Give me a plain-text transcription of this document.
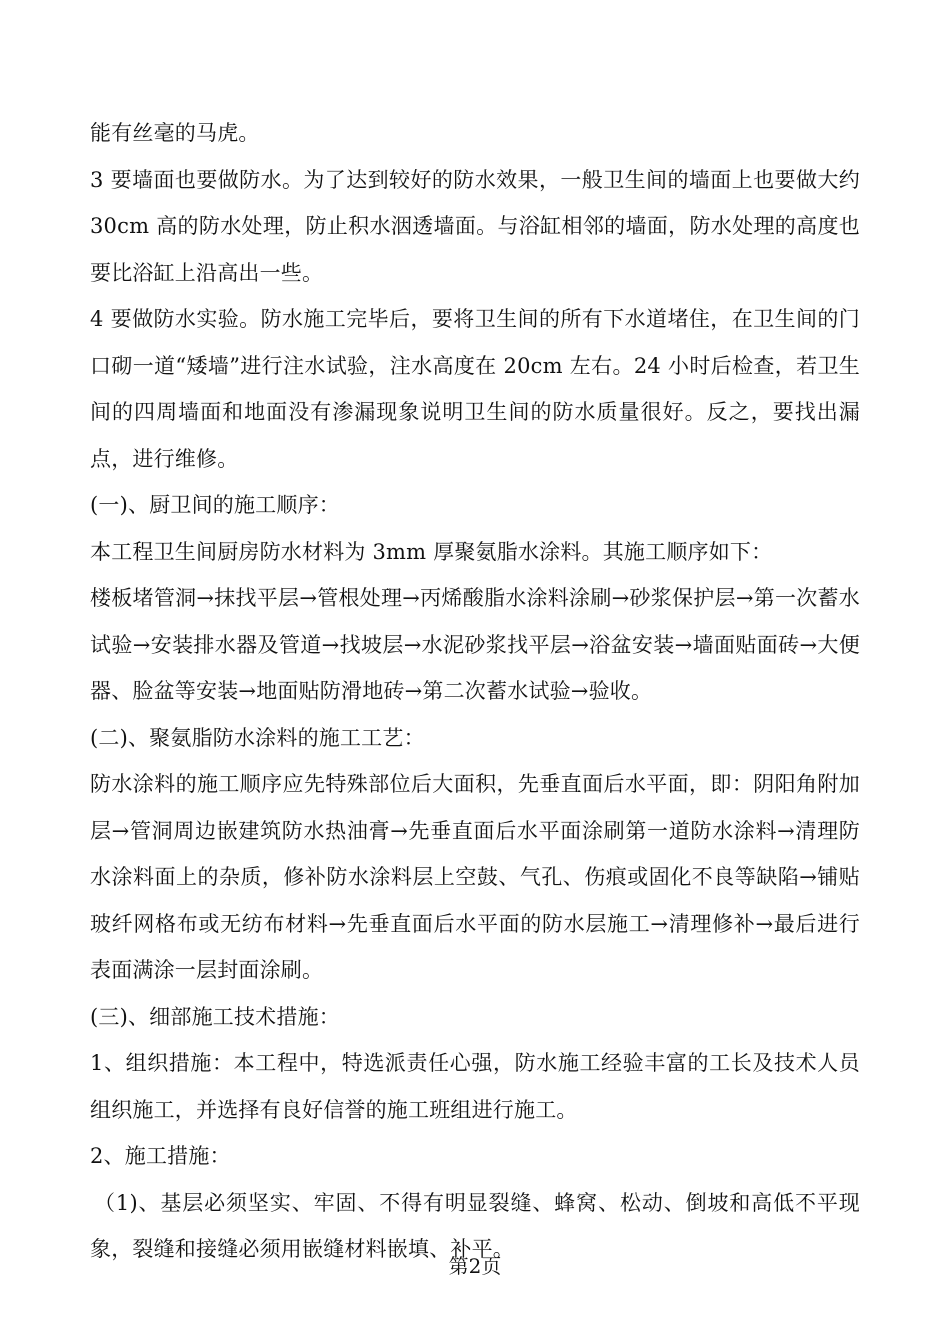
能有丝毫的马虎。

3 要墙面也要做防水。为了达到较好的防水效果，一般卫生间的墙面上也要做大约 30cm 高的防水处理，防止积水洇透墙面。与浴缸相邻的墙面，防水处理的高度也要比浴缸上沿高出一些。

4 要做防水实验。防水施工完毕后，要将卫生间的所有下水道堵住，在卫生间的门口砌一道“矮墙”进行注水试验，注水高度在 20cm 左右。24 小时后检查，若卫生间的四周墙面和地面没有渗漏现象说明卫生间的防水质量很好。反之，要找出漏点，进行维修。

(一)、厨卫间的施工顺序：

本工程卫生间厨房防水材料为 3mm 厚聚氨脂水涂料。其施工顺序如下：

楼板堵管洞→抹找平层→管根处理→丙烯酸脂水涂料涂刷→砂浆保护层→第一次蓄水试验→安装排水器及管道→找坡层→水泥砂浆找平层→浴盆安装→墙面贴面砖→大便器、脸盆等安装→地面贴防滑地砖→第二次蓄水试验→验收。

(二)、聚氨脂防水涂料的施工工艺：

防水涂料的施工顺序应先特殊部位后大面积，先垂直面后水平面，即：阴阳角附加层→管洞周边嵌建筑防水热油膏→先垂直面后水平面涂刷第一道防水涂料→清理防水涂料面上的杂质，修补防水涂料层上空鼓、气孔、伤痕或固化不良等缺陷→铺贴玻纤网格布或无纺布材料→先垂直面后水平面的防水层施工→清理修补→最后进行表面满涂一层封面涂刷。

(三)、细部施工技术措施：

1、组织措施：本工程中，特选派责任心强，防水施工经验丰富的工长及技术人员组织施工，并选择有良好信誉的施工班组进行施工。

2、施工措施：

（1)、基层必须坚实、牢固、不得有明显裂缝、蜂窝、松动、倒坡和高低不平现象，裂缝和接缝必须用嵌缝材料嵌填、补平。

第2页
